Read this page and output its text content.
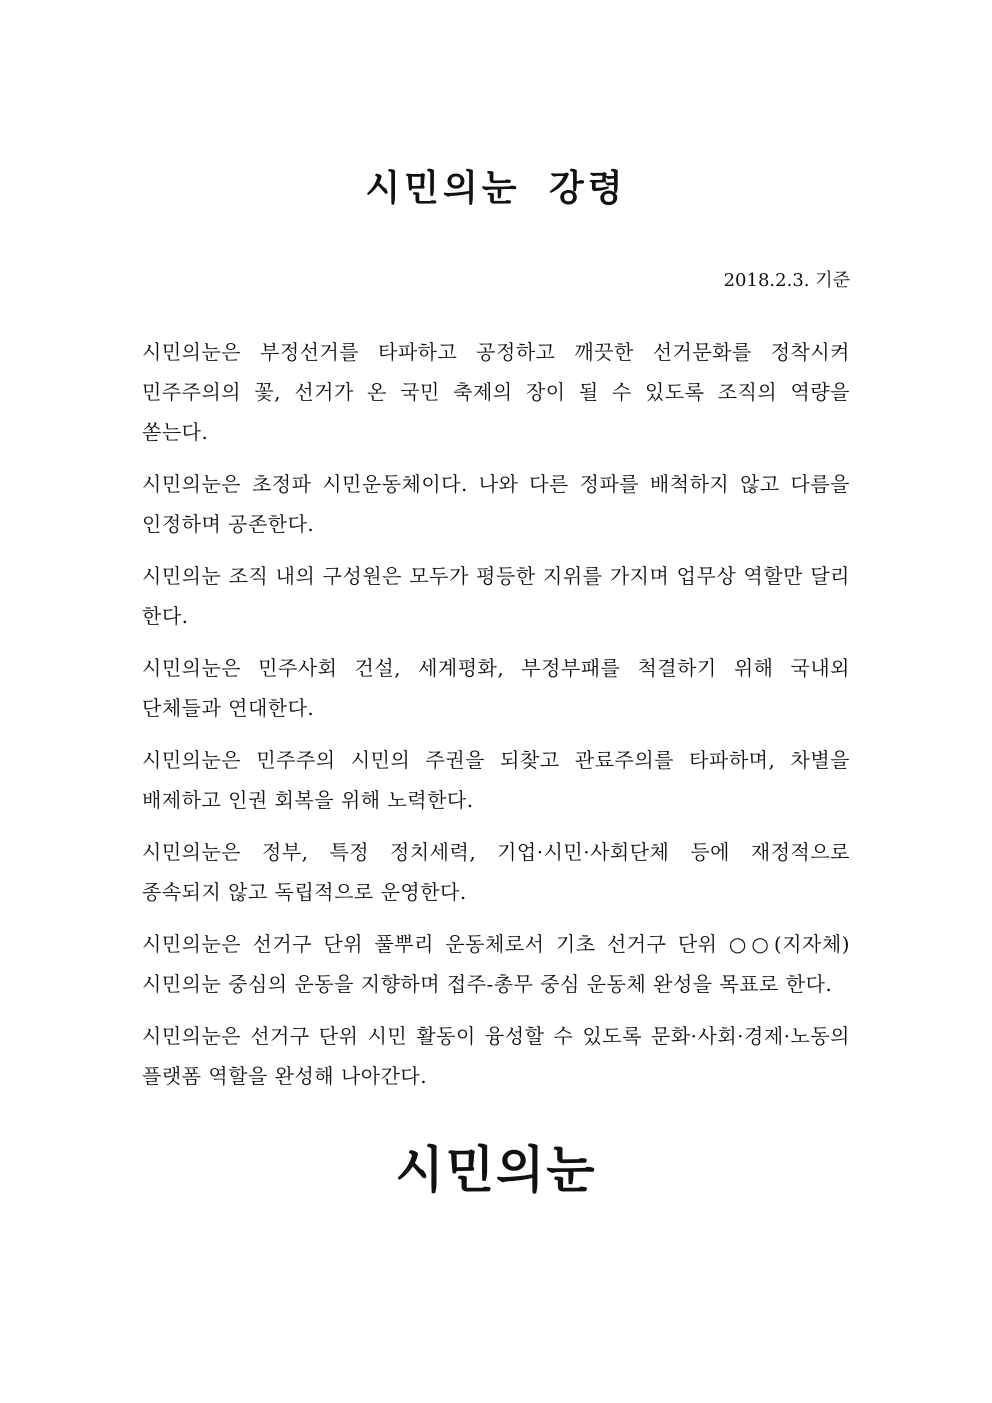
시민의눈 강령

2018.2.3. 기준

시민의눈은 부정선거를 타파하고 공정하고 깨끗한 선거문화를 정착시켜 민주주의의 꽃, 선거가 온 국민 축제의 장이 될 수 있도록 조직의 역량을 쏟는다.

시민의눈은 초정파 시민운동체이다. 나와 다른 정파를 배척하지 않고 다름을 인정하며 공존한다.

시민의눈 조직 내의 구성원은 모두가 평등한 지위를 가지며 업무상 역할만 달리 한다.

시민의눈은 민주사회 건설, 세계평화, 부정부패를 척결하기 위해 국내외 단체들과 연대한다.

시민의눈은 민주주의 시민의 주권을 되찾고 관료주의를 타파하며, 차별을 배제하고 인권 회복을 위해 노력한다.

시민의눈은 정부, 특정 정치세력, 기업·시민·사회단체 등에 재정적으로 종속되지 않고 독립적으로 운영한다.

시민의눈은 선거구 단위 풀뿌리 운동체로서 기초 선거구 단위 ○○(지자체) 시민의눈 중심의 운동을 지향하며 접주-총무 중심 운동체 완성을 목표로 한다.

시민의눈은 선거구 단위 시민 활동이 융성할 수 있도록 문화·사회·경제·노동의 플랫폼 역할을 완성해 나아간다.

시민의눈
